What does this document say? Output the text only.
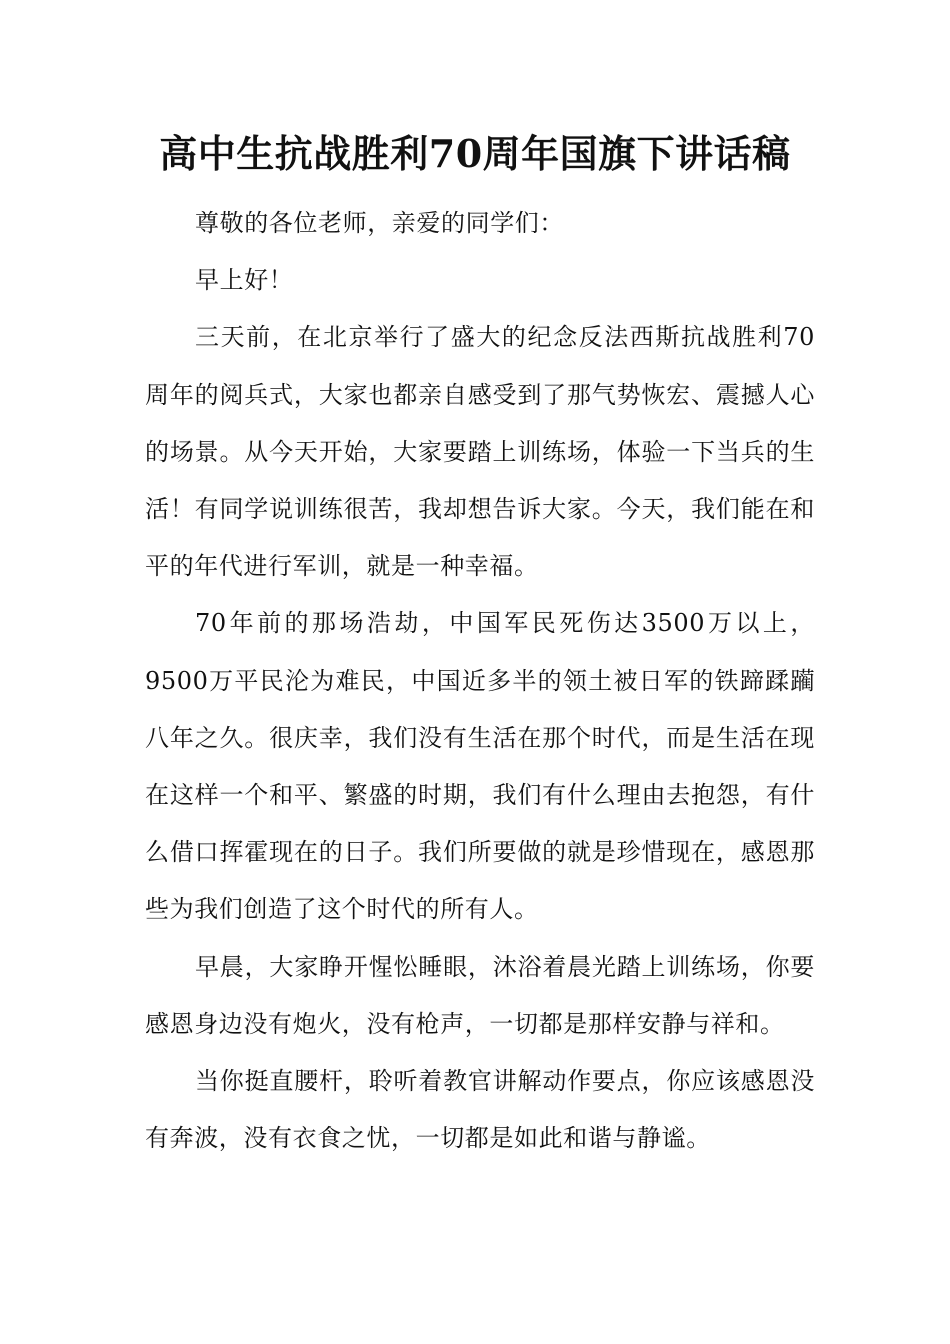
高中生抗战胜利70周年国旗下讲话稿

尊敬的各位老师，亲爱的同学们：

早上好！

三天前，在北京举行了盛大的纪念反法西斯抗战胜利70周年的阅兵式，大家也都亲自感受到了那气势恢宏、震撼人心的场景。从今天开始，大家要踏上训练场，体验一下当兵的生活！有同学说训练很苦，我却想告诉大家。今天，我们能在和平的年代进行军训，就是一种幸福。

70年前的那场浩劫，中国军民死伤达3500万以上，9500万平民沦为难民，中国近多半的领土被日军的铁蹄蹂躏八年之久。很庆幸，我们没有生活在那个时代，而是生活在现在这样一个和平、繁盛的时期，我们有什么理由去抱怨，有什么借口挥霍现在的日子。我们所要做的就是珍惜现在，感恩那些为我们创造了这个时代的所有人。

早晨，大家睁开惺忪睡眼，沐浴着晨光踏上训练场，你要感恩身边没有炮火，没有枪声，一切都是那样安静与祥和。

当你挺直腰杆，聆听着教官讲解动作要点，你应该感恩没有奔波，没有衣食之忧，一切都是如此和谐与静谧。
